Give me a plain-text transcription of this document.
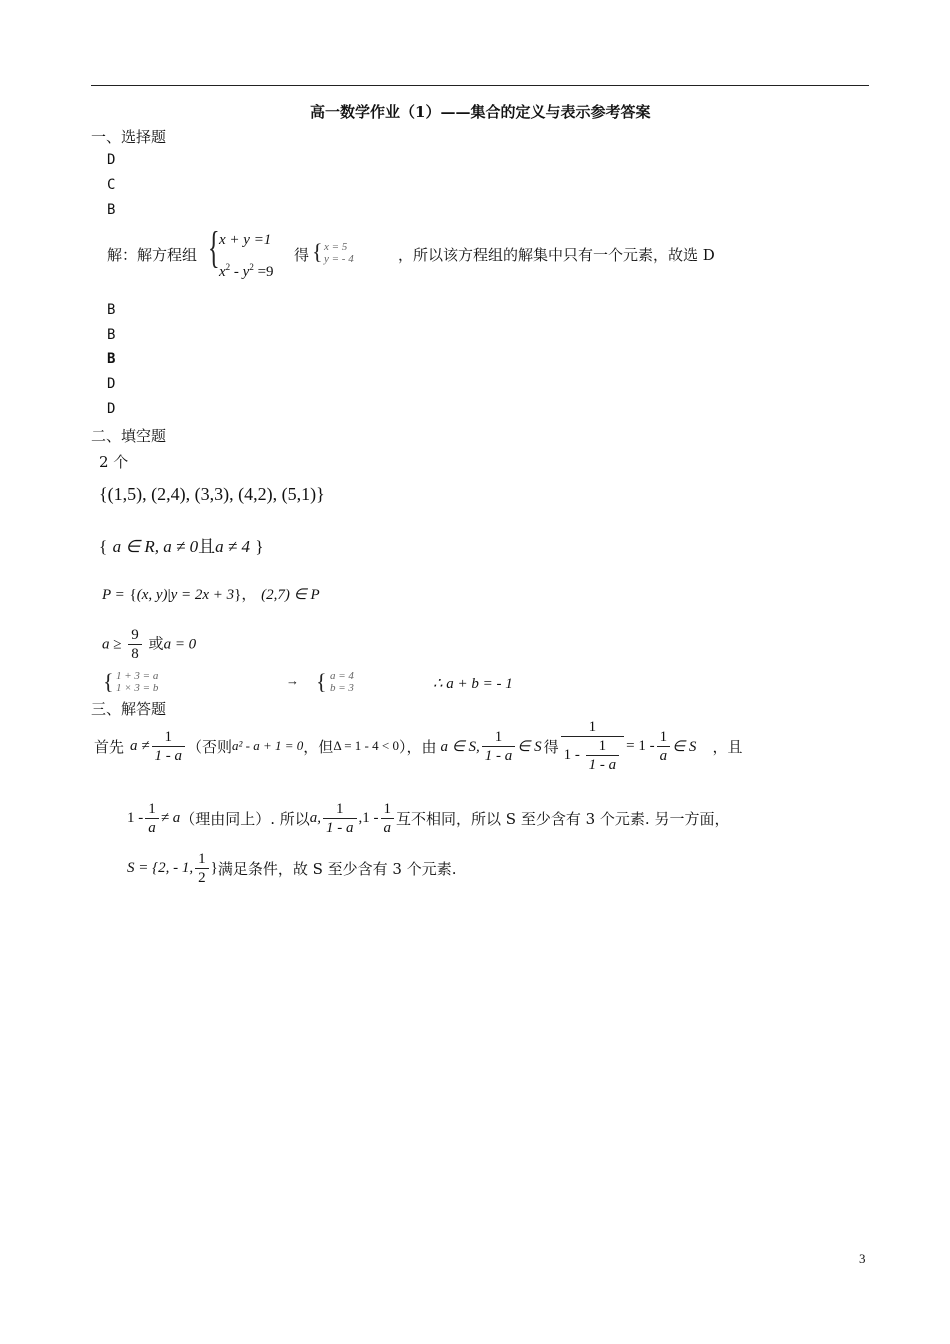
高一数学作业（1）——集合的定义与表示参考答案
一、选择题
D
C
B
解：解方程组 { x + y =1
$x^2 - y^2 =9$
得 { x = 5
y = - 4	，所以该方程组的解集中只有一个元素，故选 D
B
B
B
D
D
二、填空题
2 个
{(1,5), (2,4), (3,3), (4,2), (5,1)}
{ a ∈ R, a ≠ 0且a ≠ 4 }
P = {(x, y)|y = 2x + 3}， (2,7) ∈ P
$a \ge \frac{9}{8}$ 或a = 0
{ 1 + 3 = a
1 × 3 = b	→ { a = 4
b = 3	∴ a + b = - 1
三、解答题
首先 $a \ne \frac{1}{1 - a}$ （否则 a² - a + 1 = 0 ，但 Δ = 1 - 4 < 0 ），由 a ∈ S, $\frac{1}{1 - a}$ ∈ S 得 $\frac{1}{1 - \frac{1}{1 - a}} = 1 - \frac{1}{a}$ ∈ S ，且
$1 - \frac{1}{a} \ne a$ （理由同上）. 所以 a, $\frac{1}{1 - a} ,1 - \frac{1}{a}$ 互不相同，所以 S 至少含有 3 个元素. 另一方面，
S = {2, - 1, $\frac{1}{2}$ } 满足条件，故 S 至少含有 3 个元素.
3
